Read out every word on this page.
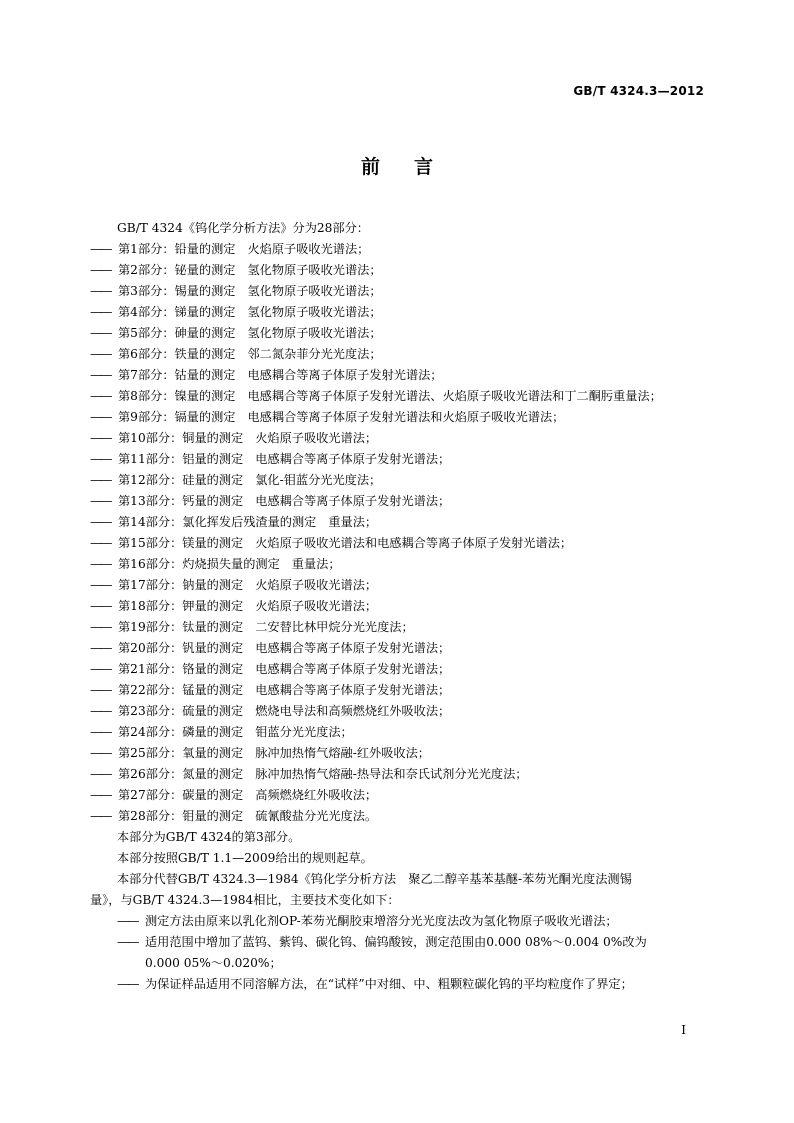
GB/T 4324.3—2012
前言

GB/T 4324《钨化学分析方法》分为28部分：

—— 第1部分：铅量的测定 火焰原子吸收光谱法；

—— 第2部分：铋量的测定 氢化物原子吸收光谱法；

—— 第3部分：锡量的测定 氢化物原子吸收光谱法；

—— 第4部分：锑量的测定 氢化物原子吸收光谱法；

—— 第5部分：砷量的测定 氢化物原子吸收光谱法；

—— 第6部分：铁量的测定 邻二氮杂菲分光光度法；

—— 第7部分：钴量的测定 电感耦合等离子体原子发射光谱法；

—— 第8部分：镍量的测定 电感耦合等离子体原子发射光谱法、火焰原子吸收光谱法和丁二酮肟重量法；

—— 第9部分：镉量的测定 电感耦合等离子体原子发射光谱法和火焰原子吸收光谱法；

—— 第10部分：铜量的测定 火焰原子吸收光谱法；

—— 第11部分：铝量的测定 电感耦合等离子体原子发射光谱法；

—— 第12部分：硅量的测定 氯化-钼蓝分光光度法；

—— 第13部分：钙量的测定 电感耦合等离子体原子发射光谱法；

—— 第14部分：氯化挥发后残渣量的测定 重量法；

—— 第15部分：镁量的测定 火焰原子吸收光谱法和电感耦合等离子体原子发射光谱法；

—— 第16部分：灼烧损失量的测定 重量法；

—— 第17部分：钠量的测定 火焰原子吸收光谱法；

—— 第18部分：钾量的测定 火焰原子吸收光谱法；

—— 第19部分：钛量的测定 二安替比林甲烷分光光度法；

—— 第20部分：钒量的测定 电感耦合等离子体原子发射光谱法；

—— 第21部分：铬量的测定 电感耦合等离子体原子发射光谱法；

—— 第22部分：锰量的测定 电感耦合等离子体原子发射光谱法；

—— 第23部分：硫量的测定 燃烧电导法和高频燃烧红外吸收法；

—— 第24部分：磷量的测定 钼蓝分光光度法；

—— 第25部分：氧量的测定 脉冲加热惰气熔融-红外吸收法；

—— 第26部分：氮量的测定 脉冲加热惰气熔融-热导法和奈氏试剂分光光度法；

—— 第27部分：碳量的测定 高频燃烧红外吸收法；

—— 第28部分：钼量的测定 硫氰酸盐分光光度法。

本部分为GB/T 4324的第3部分。

本部分按照GB/T 1.1—2009给出的规则起草。

本部分代替GB/T 4324.3—1984《钨化学分析方法　聚乙二醇辛基苯基醚-苯芴光酮光度法测锡

量》，与GB/T 4324.3—1984相比，主要技术变化如下：

—— 测定方法由原来以乳化剂OP-苯芴光酮胶束增溶分光光度法改为氢化物原子吸收光谱法；

—— 适用范围中增加了蓝钨、紫钨、碳化钨、偏钨酸铵，测定范围由0.000 08%～0.004 0%改为

0.000 05%～0.020%；

—— 为保证样品适用不同溶解方法，在“试样”中对细、中、粗颗粒碳化钨的平均粒度作了界定；

I
